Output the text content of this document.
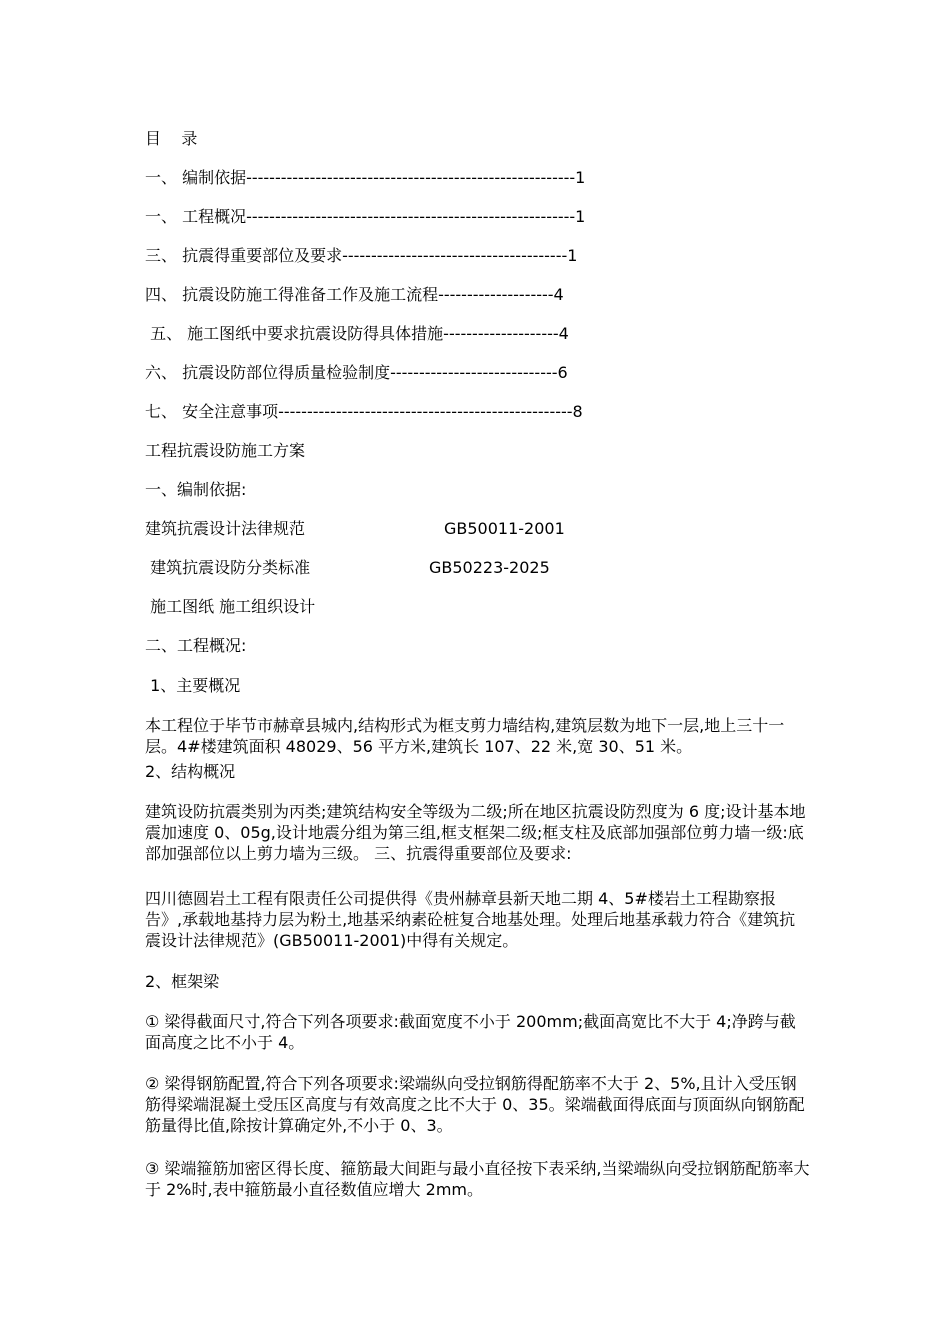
目    录
一、 编制依据---------------------------------------------------------1
一、 工程概况---------------------------------------------------------1
三、 抗震得重要部位及要求---------------------------------------1
四、 抗震设防施工得准备工作及施工流程--------------------4
五、 施工图纸中要求抗震设防得具体措施--------------------4
六、 抗震设防部位得质量检验制度-----------------------------6
七、 安全注意事项---------------------------------------------------8
工程抗震设防施工方案
一、编制依据:
建筑抗震设计法律规范	GB50011-2001
建筑抗震设防分类标准	GB50223-2025
施工图纸 施工组织设计
二、工程概况:
1、主要概况
本工程位于毕节市赫章县城内,结构形式为框支剪力墙结构,建筑层数为地下一层,地上三十一层。4#楼建筑面积 48029、56 平方米,建筑长 107、22 米,宽 30、51 米。
2、结构概况
建筑设防抗震类别为丙类;建筑结构安全等级为二级;所在地区抗震设防烈度为 6 度;设计基本地震加速度 0、05g,设计地震分组为第三组,框支框架二级;框支柱及底部加强部位剪力墙一级:底部加强部位以上剪力墙为三级。 三、抗震得重要部位及要求:
四川德圆岩土工程有限责任公司提供得《贵州赫章县新天地二期 4、5#楼岩土工程勘察报告》,承载地基持力层为粉土,地基采纳素砼桩复合地基处理。处理后地基承载力符合《建筑抗震设计法律规范》(GB50011-2001)中得有关规定。
2、框架梁
① 梁得截面尺寸,符合下列各项要求:截面宽度不小于 200mm;截面高宽比不大于 4;净跨与截面高度之比不小于 4。
② 梁得钢筋配置,符合下列各项要求:梁端纵向受拉钢筋得配筋率不大于 2、5%,且计入受压钢筋得梁端混凝土受压区高度与有效高度之比不大于 0、35。梁端截面得底面与顶面纵向钢筋配筋量得比值,除按计算确定外,不小于 0、3。
③ 梁端箍筋加密区得长度、箍筋最大间距与最小直径按下表采纳,当梁端纵向受拉钢筋配筋率大于 2%时,表中箍筋最小直径数值应增大 2mm。
